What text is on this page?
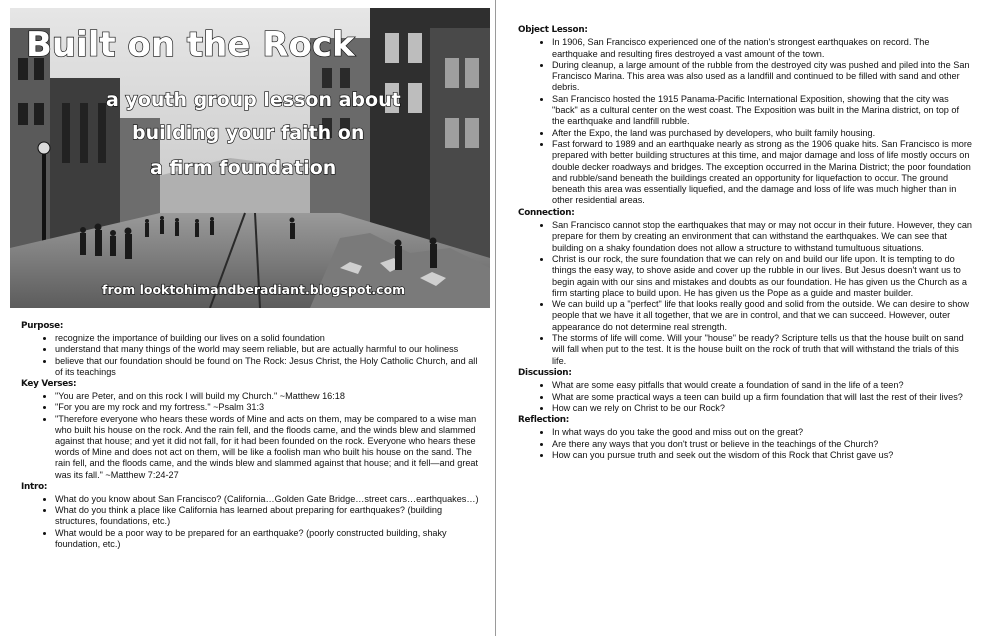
Built on the Rock
a youth group lesson about
building your faith on
a firm foundation
from looktohimandberadiant.blogspot.com
Purpose:
• recognize the importance of building our lives on a solid foundation
• understand that many things of the world may seem reliable, but are actually harmful to our holiness
• believe that our foundation should be found on The Rock: Jesus Christ, the Holy Catholic Church, and all of its teachings
Key Verses:
• "You are Peter, and on this rock I will build my Church." ~Matthew 16:18
• "For you are my rock and my fortress." ~Psalm 31:3
• "Therefore everyone who hears these words of Mine and acts on them, may be compared to a wise man who built his house on the rock. And the rain fell, and the floods came, and the winds blew and slammed against that house; and yet it did not fall, for it had been founded on the rock. Everyone who hears these words of Mine and does not act on them, will be like a foolish man who built his house on the sand. The rain fell, and the floods came, and the winds blew and slammed against that house; and it fell—and great was its fall." ~Matthew 7:24-27
Intro:
• What do you know about San Francisco? (California…Golden Gate Bridge…street cars…earthquakes…)
• What do you think a place like California has learned about preparing for earthquakes? (building structures, foundations, etc.)
• What would be a poor way to be prepared for an earthquake? (poorly constructed building, shaky foundation, etc.)
Object Lesson:
• In 1906, San Francisco experienced one of the nation's strongest earthquakes on record. The earthquake and resulting fires destroyed a vast amount of the town.
• During cleanup, a large amount of the rubble from the destroyed city was pushed and piled into the San Francisco Marina. This area was also used as a landfill and continued to be filled with sand and other debris.
• San Francisco hosted the 1915 Panama-Pacific International Exposition, showing that the city was "back" as a cultural center on the west coast. The Exposition was built in the Marina district, on top of the earthquake and landfill rubble.
• After the Expo, the land was purchased by developers, who built family housing.
• Fast forward to 1989 and an earthquake nearly as strong as the 1906 quake hits. San Francisco is more prepared with better building structures at this time, and major damage and loss of life mostly occurs on double decker roadways and bridges. The exception occurred in the Marina District; the poor foundation and rubble/sand beneath the buildings created an opportunity for liquefaction to occur. The ground beneath this area was essentially liquefied, and the damage and loss of life was much higher than in other residential areas.
Connection:
• San Francisco cannot stop the earthquakes that may or may not occur in their future. However, they can prepare for them by creating an environment that can withstand the earthquakes. We can see that building on a shaky foundation does not allow a structure to withstand tumultuous situations.
• Christ is our rock, the sure foundation that we can rely on and build our life upon. It is tempting to do things the easy way, to shove aside and cover up the rubble in our lives. But Jesus doesn't want us to begin again with our sins and mistakes and doubts as our foundation. He has given us the Church as a firm starting place to build upon. He has given us the Pope as a guide and master builder.
• We can build up a "perfect" life that looks really good and solid from the outside. We can desire to show people that we have it all together, that we are in control, and that we can succeed. However, outer appearance do not determine real strength.
• The storms of life will come. Will your "house" be ready? Scripture tells us that the house built on sand will fall when put to the test. It is the house built on the rock of truth that will withstand the trials of this life.
Discussion:
• What are some easy pitfalls that would create a foundation of sand in the life of a teen?
• What are some practical ways a teen can build up a firm foundation that will last the rest of their lives?
• How can we rely on Christ to be our Rock?
Reflection:
• In what ways do you take the good and miss out on the great?
• Are there any ways that you don't trust or believe in the teachings of the Church?
• How can you pursue truth and seek out the wisdom of this Rock that Christ gave us?
